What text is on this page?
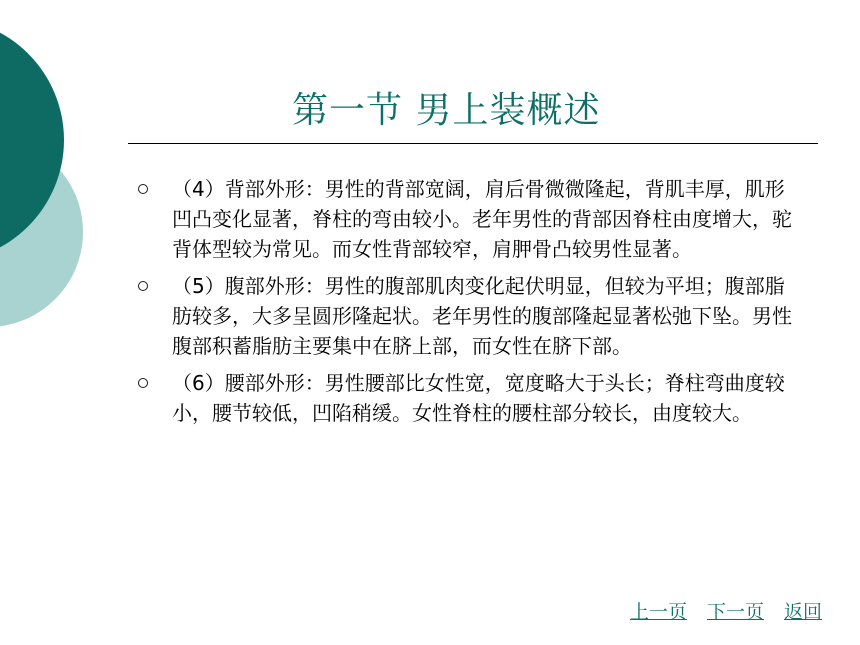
第一节 男上装概述
（4）背部外形：男性的背部宽阔，肩后骨微微隆起，背肌丰厚，肌形凹凸变化显著，脊柱的弯由较小。老年男性的背部因脊柱由度增大，驼背体型较为常见。而女性背部较窄，肩胛骨凸较男性显著。
（5）腹部外形：男性的腹部肌肉变化起伏明显，但较为平坦；腹部脂肪较多，大多呈圆形隆起状。老年男性的腹部隆起显著松弛下坠。男性腹部积蓄脂肪主要集中在脐上部，而女性在脐下部。
（6）腰部外形：男性腰部比女性宽，宽度略大于头长；脊柱弯曲度较小，腰节较低，凹陷稍缓。女性脊柱的腰柱部分较长，由度较大。
上一页 下一页 返回
